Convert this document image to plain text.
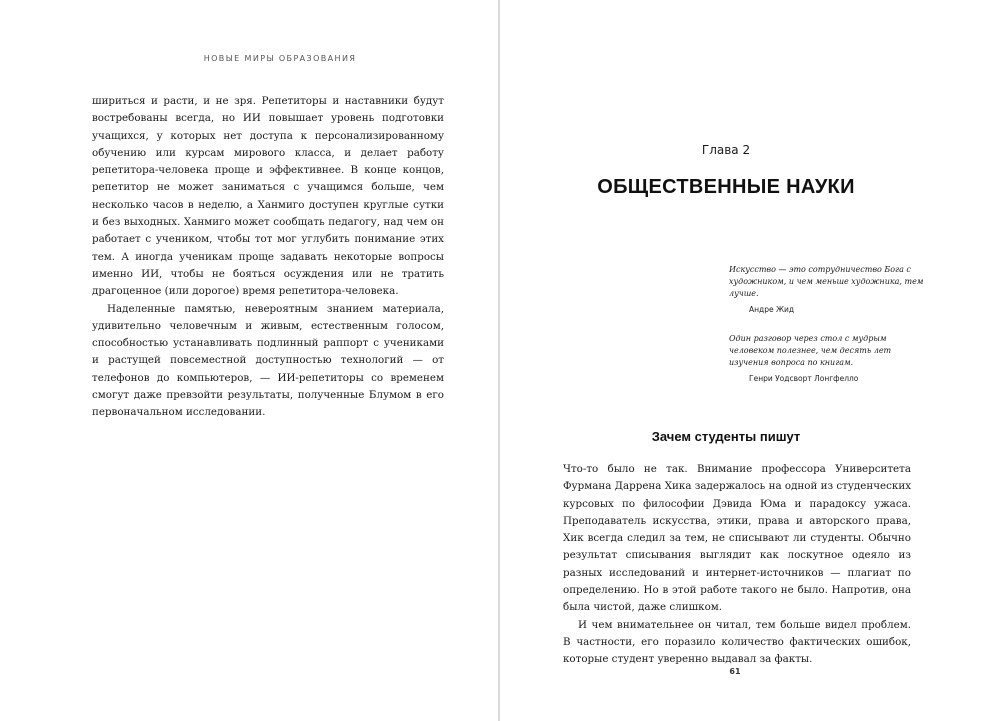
НОВЫЕ МИРЫ ОБРАЗОВАНИЯ

шириться и расти, и не зря. Репетиторы и наставники будут востребованы всегда, но ИИ повышает уровень подготовки учащихся, у которых нет доступа к персонализированному обучению или курсам мирового класса, и делает работу репетитора-человека проще и эффективнее. В конце концов, репетитор не может заниматься с учащимся больше, чем несколько часов в неделю, а Ханмиго доступен круглые сутки и без выходных. Ханмиго может сообщать педагогу, над чем он работает с учеником, чтобы тот мог углубить понимание этих тем. А иногда ученикам проще задавать некоторые вопросы именно ИИ, чтобы не бояться осуждения или не тратить драгоценное (или дорогое) время репетитора-человека.

Наделенные памятью, невероятным знанием материала, удивительно человечным и живым, естественным голосом, способностью устанавливать подлинный раппорт с учениками и растущей повсеместной доступностью технологий — от телефонов до компьютеров, — ИИ-репетиторы со временем смогут даже превзойти результаты, полученные Блумом в его первоначальном исследовании.

Глава 2
ОБЩЕСТВЕННЫЕ НАУКИ

Искусство — это сотрудничество Бога с художником, и чем меньше художника, тем лучше.

Андре Жид

Один разговор через стол с мудрым человеком полезнее, чем десять лет изучения вопроса по книгам.

Генри Уодсворт Лонгфелло

Зачем студенты пишут

Что-то было не так. Внимание профессора Университета Фурмана Даррена Хика задержалось на одной из студенческих курсовых по философии Дэвида Юма и парадоксу ужаса. Преподаватель искусства, этики, права и авторского права, Хик всегда следил за тем, не списывают ли студенты. Обычно результат списывания выглядит как лоскутное одеяло из разных исследований и интернет-источников — плагиат по определению. Но в этой работе такого не было. Напротив, она была чистой, даже слишком.

И чем внимательнее он читал, тем больше видел проблем. В частности, его поразило количество фактических ошибок, которые студент уверенно выдавал за факты.

61
